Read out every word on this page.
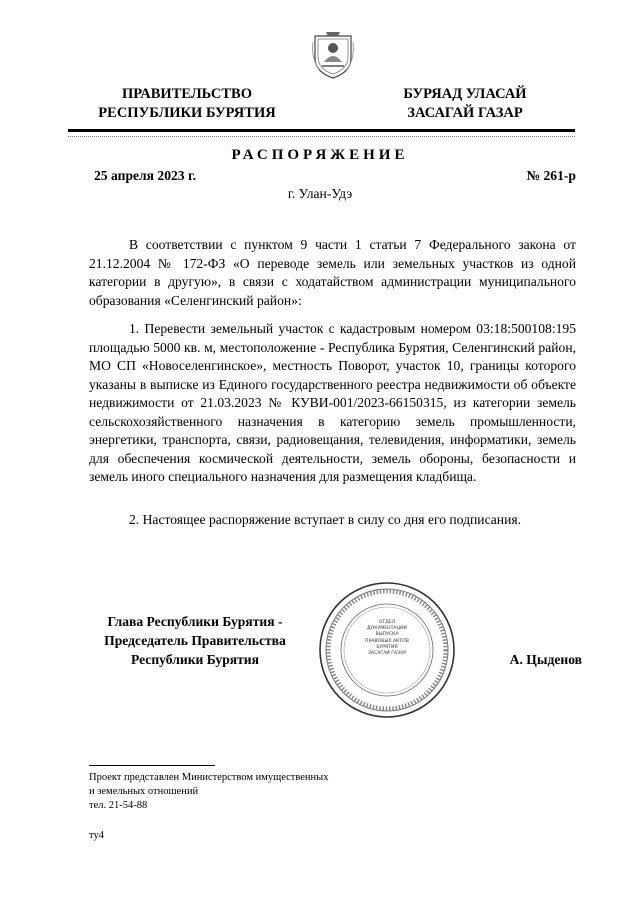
ПРАВИТЕЛЬСТВО
РЕСПУБЛИКИ БУРЯТИЯ
БУРЯАД УЛАСАЙ
ЗАСАГАЙ ГАЗАР
РАСПОРЯЖЕНИЕ
25 апреля 2023 г.	№ 261-р
г. Улан-Удэ
В соответствии с пунктом 9 части 1 статьи 7 Федерального закона от 21.12.2004 № 172-ФЗ «О переводе земель или земельных участков из одной категории в другую», в связи с ходатайством администрации муниципального образования «Селенгинский район»:
1. Перевести земельный участок с кадастровым номером 03:18:500108:195 площадью 5000 кв. м, местоположение - Республика Бурятия, Селенгинский район, МО СП «Новоселенгинское», местность Поворот, участок 10, границы которого указаны в выписке из Единого государственного реестра недвижимости об объекте недвижимости от 21.03.2023 № КУВИ-001/2023-66150315, из категории земель сельскохозяйственного назначения в категорию земель промышленности, энергетики, транспорта, связи, радиовещания, телевидения, информатики, земель для обеспечения космической деятельности, земель обороны, безопасности и земель иного специального назначения для размещения кладбища.
2. Настоящее распоряжение вступает в силу со дня его подписания.
Глава Республики Бурятия -
Председатель Правительства
Республики Бурятия	А. Цыденов
ОТДЕЛ
ДОКУМЕНТАЦИИ
ВЫПУСКА
ПРАВОВЫХ АКТОВ
БУРЯТИЯ
ЗАСАГАЙ ГАЗАР
Проект представлен Министерством имущественных
и земельных отношений
тел. 21-54-88
ту4
